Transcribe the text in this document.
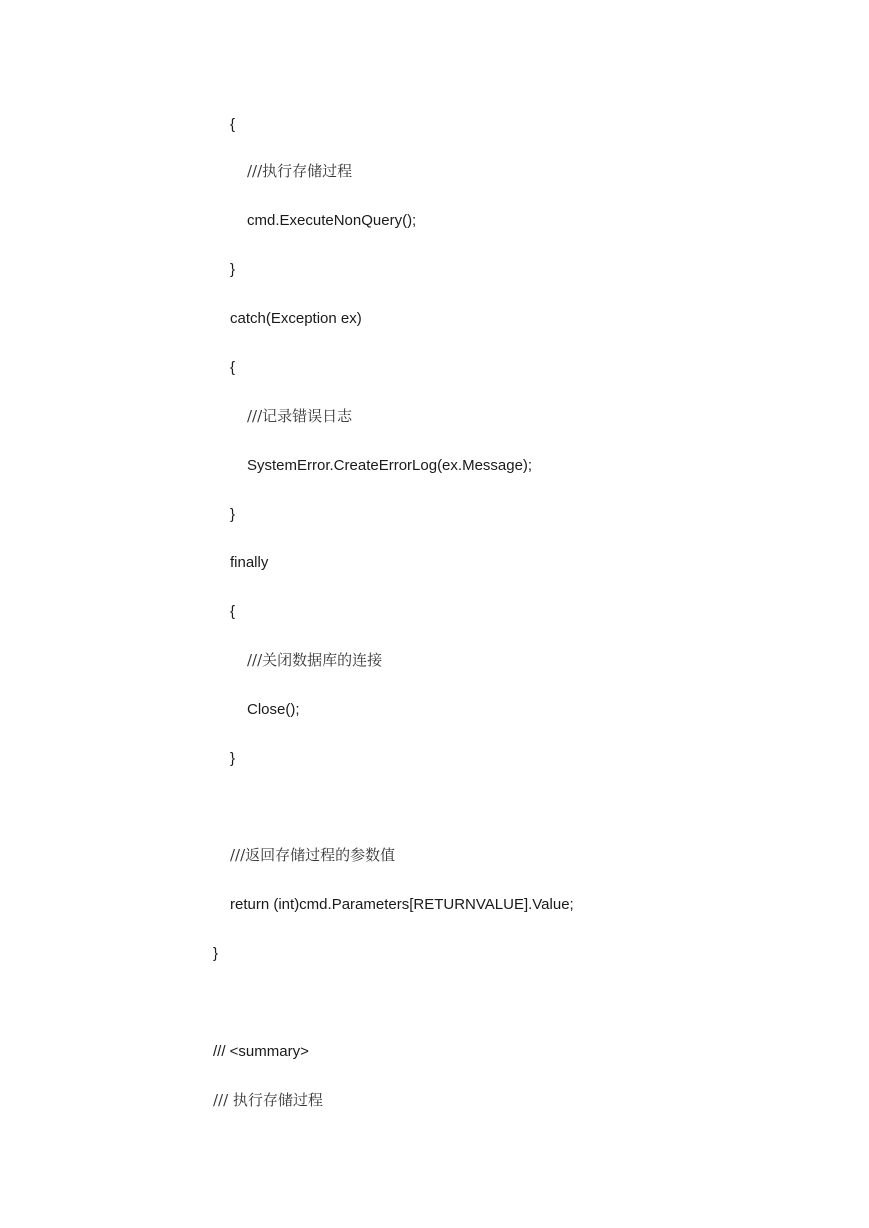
{

///执行存储过程

cmd.ExecuteNonQuery();

}

catch(Exception ex)

{

///记录错误日志

SystemError.CreateErrorLog(ex.Message);

}

finally

{

///关闭数据库的连接

Close();

}

///返回存储过程的参数值

return (int)cmd.Parameters[RETURNVALUE].Value;

}

/// <summary>

/// 执行存储过程
